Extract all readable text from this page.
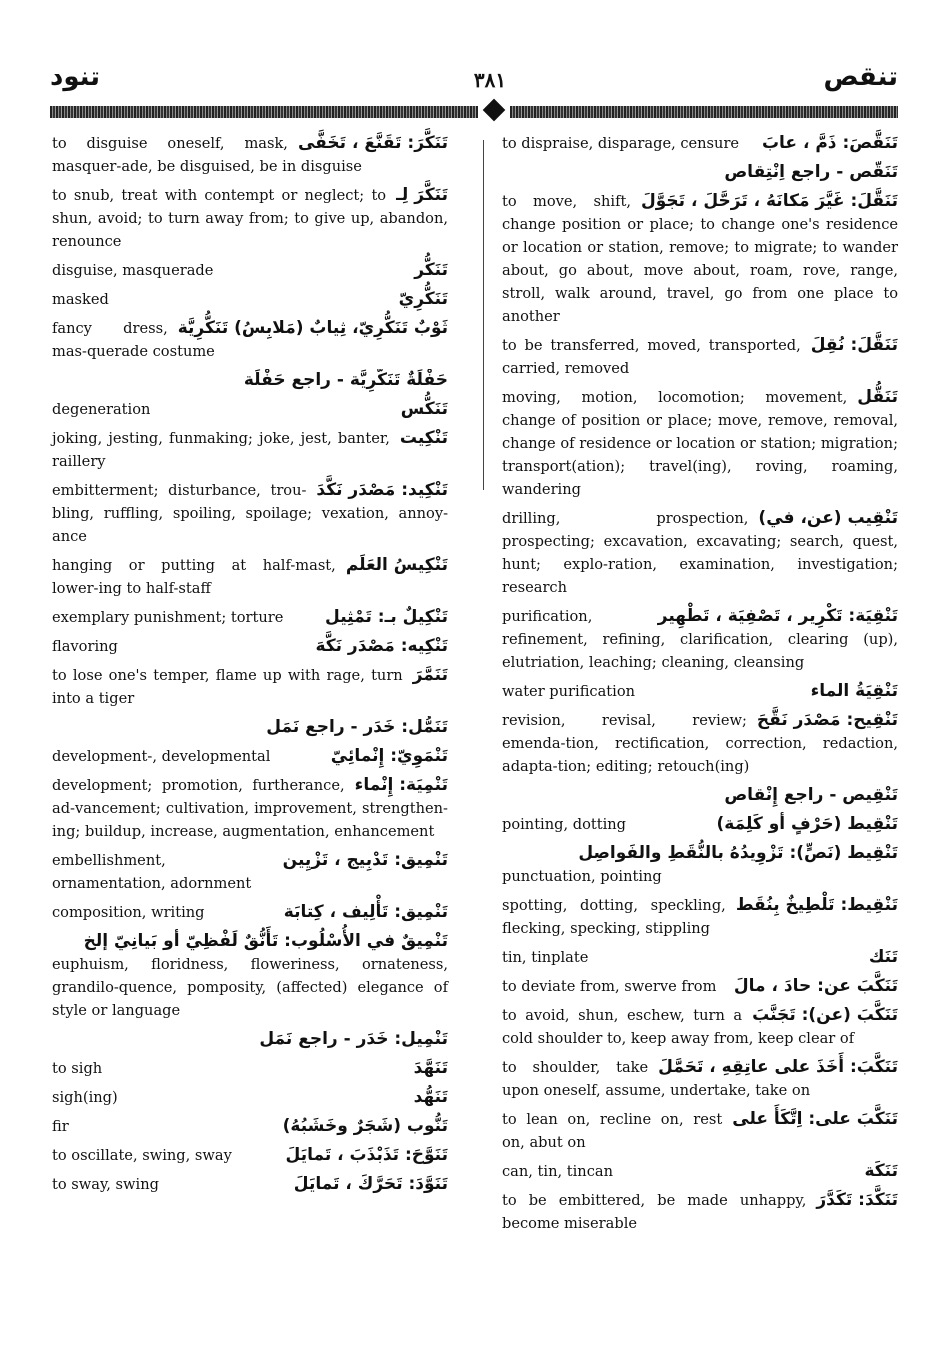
تنود	٣٨١	تنقص
تَنَكَّرَ: تَقَنَّعَ ، تَخَفَّى
to disguise oneself, mask, masquer-ade, be disguised, be in disguise
تَنَكَّرَ لِـ
to snub, treat with contempt or neglect; to shun, avoid; to turn away from; to give up, abandon, renounce
تَنَكُّر
disguise, masquerade
تَنَكُّرِيّ
masked
ثَوْبٌ تَنَكُّرِيّ، ثِيابٌ (مَلابِسُ) تَنَكُّرِيَّة
fancy dress, mas-querade costume
حَفْلَةٌ تَنَكُّرِيَّة - راجع حَفْلَة
تَنَكُّس
degeneration
تَنْكِيت
joking, jesting, funmaking; joke, jest, banter, raillery
تَنْكِيد: مَصْدَر نَكَّدَ
embitterment; disturbance, trou-bling, ruffling, spoiling, spoilage; vexation, annoy-ance
تَنْكِيسُ العَلَم
hanging or putting at half-mast, lower-ing to half-staff
تَنْكِيلٌ بـ: تَمْثِيل
exemplary punishment; torture
تَنْكِيه: مَصْدَر نَكَّهَ
flavoring
تَنَمَّرَ
to lose one's temper, flame up with rage, turn into a tiger
تَنَمُّل: خَدَر - راجع نَمَل
تَنْمَوِيّ: إِنْمائِيّ
development-, developmental
تَنْمِيَة: إِنْماء
development; promotion, furtherance, ad-vancement; cultivation, improvement, strengthen-ing; buildup, increase, augmentation, enhancement
تَنْمِيق: تَدْبِيج ، تَزْيِين
embellishment, ornamentation, adornment
تَنْمِيق: تَأْلِيف ، كِتابَة
composition, writing
تَنْمِيقٌ في الأُسْلُوب: تَأَنُّقٌ لَفْظِيّ أو بَيانِيّ إلخ
euphuism, floridness, floweriness, ornateness, grandilo-quence, pomposity, (affected) elegance of style or language
تَنْمِيل: خَدَر - راجع نَمَل
تَنَهَّدَ
to sigh
تَنَهُّد
sigh(ing)
تَنُّوب (شَجَرٌ وخَشَبُهُ)
fir
تَنَوَّحَ: تَذَبْذَبَ ، تَمايَلَ
to oscillate, swing, sway
تَنَوَّدَ: تَحَرَّكَ ، تَمايَلَ
to sway, swing
تَنَقَّصَ: ذَمَّ ، عابَ
to dispraise, disparage, censure
تَنَقُّص - راجع اِنْتِقاص
تَنَقَّلَ: غَيَّرَ مَكانَهُ ، تَرَحَّلَ ، تَجَوَّلَ
to move, shift, change position or place; to change one's residence or location or station, remove; to migrate; to wander about, go about, move about, roam, rove, range, stroll, walk around, travel, go from one place to another
تَنَقَّلَ: نُقِلَ
to be transferred, moved, transported, carried, removed
تَنَقُّل
moving, motion, locomotion; movement, change of position or place; move, remove, removal, change of residence or location or station; migration; transport(ation); travel(ing), roving, roaming, wandering
تَنْقِيب (عن، في)
drilling, prospection, prospecting; excavation, excavating; search, quest, hunt; explo-ration, examination, investigation; research
تَنْقِيَة: تَكْرِير ، تَصْفِيَة ، تَطْهِير
purification, refinement, refining, clarification, clearing (up), elutriation, leaching; cleaning, cleansing
تَنْقِيَةُ الماء
water purification
تَنْقِيح: مَصْدَر نَقَّحَ
revision, revisal, review; emenda-tion, rectification, correction, redaction, adapta-tion; editing; retouch(ing)
تَنْقِيص - راجع إِنْقاص
تَنْقِيط (حَرْفٍ أو كَلِمَة)
pointing, dotting
تَنْقِيط (نَصٍّ): تَزْوِيدُهُ بالنُّقَطِ والفَواصِل
punctuation, pointing
تَنْقِيط: تَلْطِيخٌ بِنُقَط
spotting, dotting, speckling, flecking, specking, stippling
تَنَك
tin, tinplate
تَنَكَّبَ عن: حادَ ، مالَ
to deviate from, swerve from
تَنَكَّبَ (عن): تَجَنَّبَ
to avoid, shun, eschew, turn a cold shoulder to, keep away from, keep clear of
تَنَكَّبَ: أَخَذَ على عاتِقِهِ ، تَحَمَّلَ
to shoulder, take upon oneself, assume, undertake, take on
تَنَكَّبَ على: اِتَّكَأَ على
to lean on, recline on, rest on, abut on
تَنَكَة
can, tin, tincan
تَنَكَّدَ: تَكَدَّرَ
to be embittered, be made unhappy, become miserable
